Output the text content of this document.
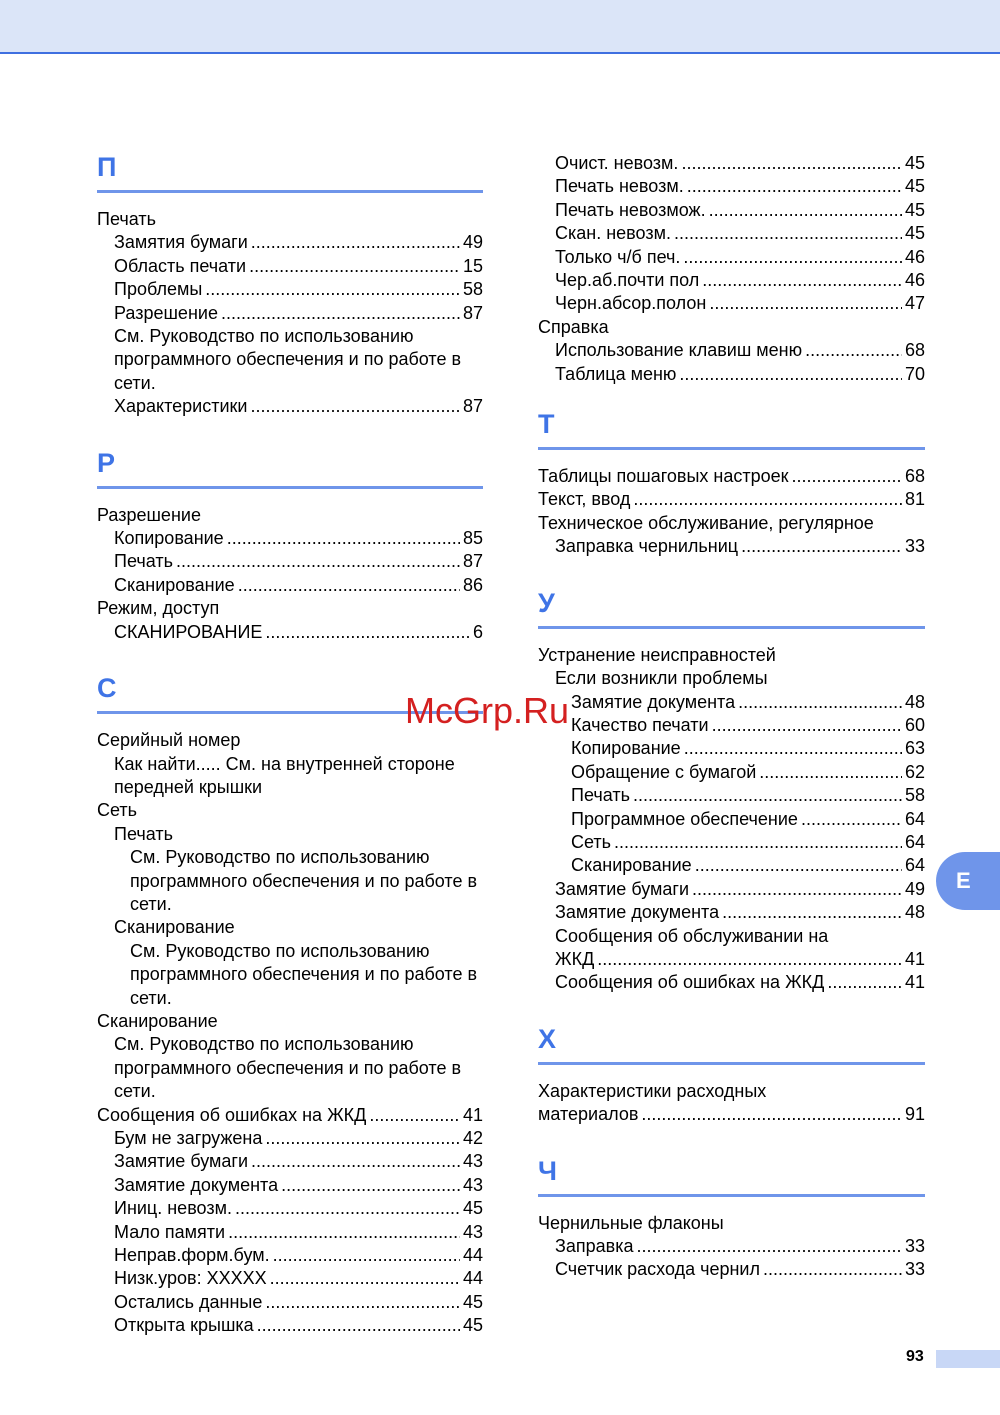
П
Печать
Замятия бумаги .....	49
Область печати .....	15
Проблемы .....	58
Разрешение .....	87
См. Руководство по использованию программного обеспечения и по работе в сети.
Характеристики .....	87
Р
Разрешение
Копирование .....	85
Печать .....	87
Сканирование .....	86
Режим, доступ
СКАНИРОВАНИЕ .....	6
С
Серийный номер
Как найти..... См. на внутренней стороне передней крышки
Сеть
Печать
См. Руководство по использованию программного обеспечения и по работе в сети.
Сканирование
См. Руководство по использованию программного обеспечения и по работе в сети.
Сканирование
См. Руководство по использованию программного обеспечения и по работе в сети.
Сообщения об ошибках на ЖКД .....	41
Бум не загружена .....	42
Замятие бумаги .....	43
Замятие документа .....	43
Иниц. невозм. .....	45
Мало памяти .....	43
Неправ.форм.бум. .....	44
Низк.уров: XXXXX .....	44
Остались данные .....	45
Открыта крышка .....	45
Очист. невозм. .....	45
Печать невозм. .....	45
Печать невозмож. .....	45
Скан. невозм. .....	45
Только ч/б печ. .....	46
Чер.аб.почти пол .....	46
Черн.абсор.полон .....	47
Справка
Использование клавиш меню .....	68
Таблица меню .....	70
Т
Таблицы пошаговых настроек .....	68
Текст, ввод .....	81
Техническое обслуживание, регулярное
Заправка чернильниц .....	33
У
Устранение неисправностей
Если возникли проблемы
Замятие документа .....	48
Качество печати .....	60
Копирование .....	63
Обращение с бумагой .....	62
Печать .....	58
Программное обеспечение .....	64
Сеть .....	64
Сканирование .....	64
Замятие бумаги .....	49
Замятие документа .....	48
Сообщения об обслуживании на
ЖКД .....	41
Сообщения об ошибках на ЖКД .....	41
Х
Характеристики расходных
материалов .....	91
Ч
Чернильные флаконы
Заправка .....	33
Счетчик расхода чернил .....	33
McGrp.Ru
E
93
